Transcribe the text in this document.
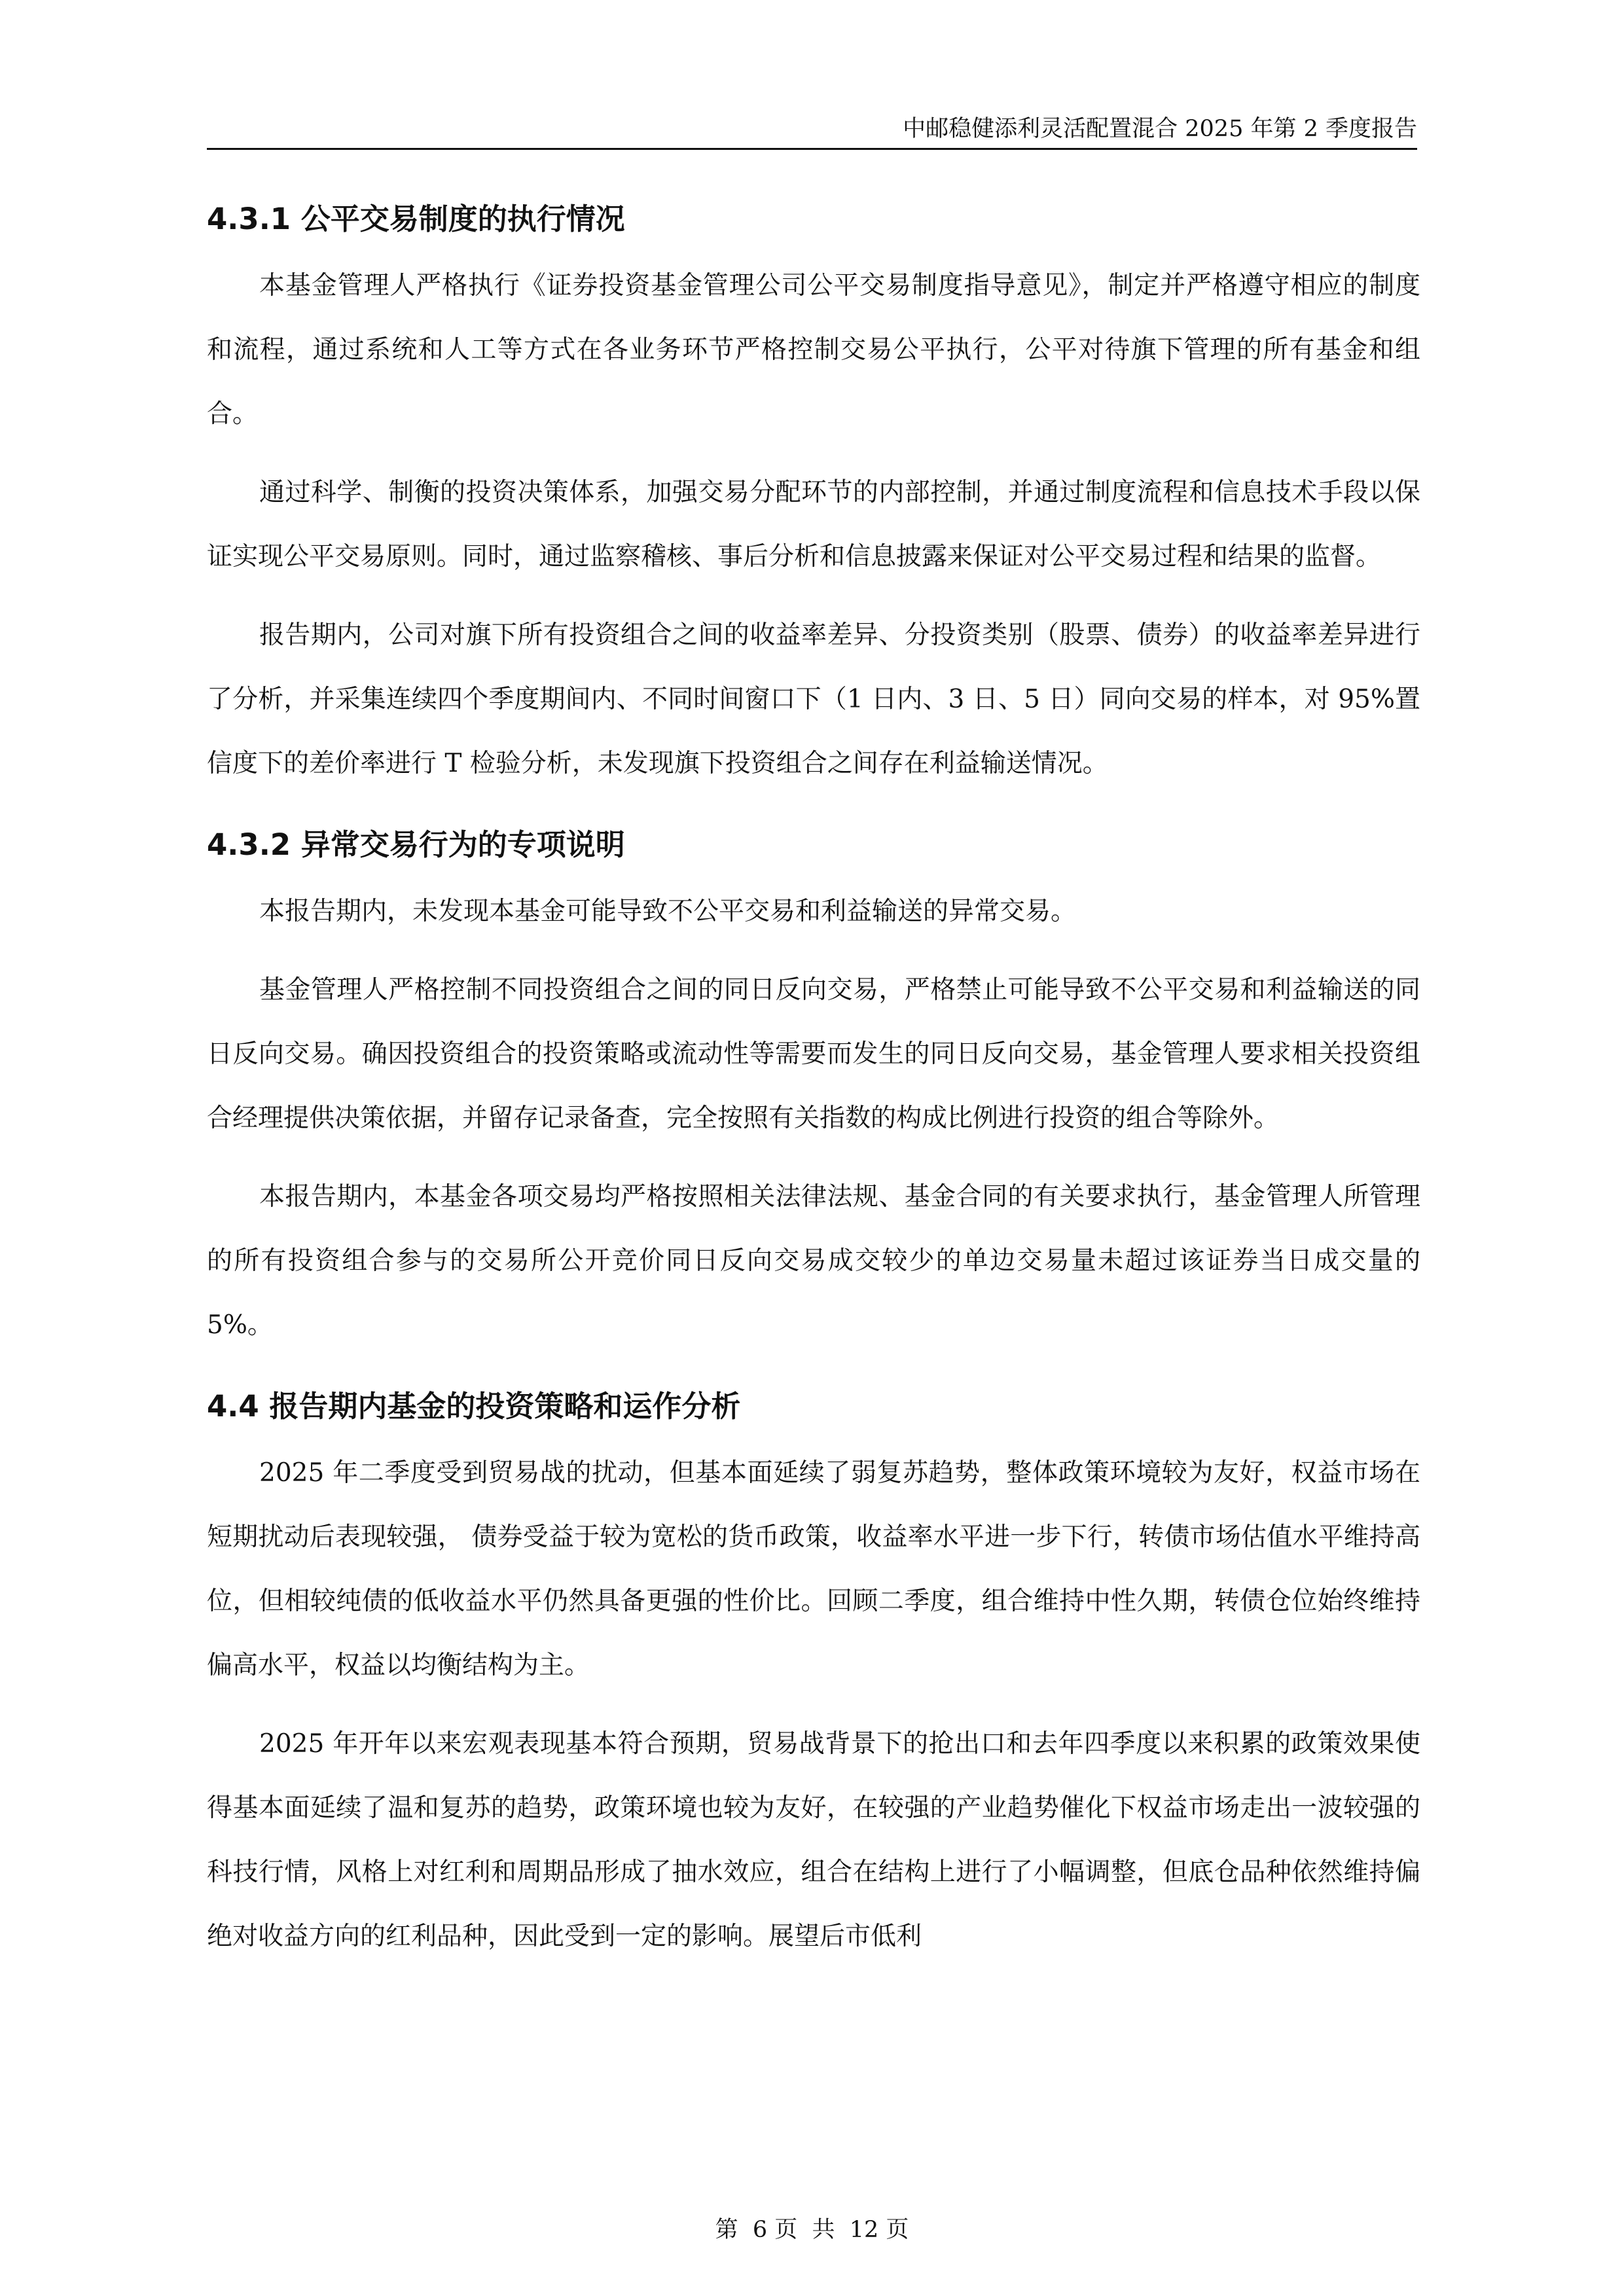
中邮稳健添利灵活配置混合 2025 年第 2 季度报告
4.3.1 公平交易制度的执行情况

本基金管理人严格执行《证券投资基金管理公司公平交易制度指导意见》，制定并严格遵守相应的制度和流程，通过系统和人工等方式在各业务环节严格控制交易公平执行，公平对待旗下管理的所有基金和组合。

通过科学、制衡的投资决策体系，加强交易分配环节的内部控制，并通过制度流程和信息技术手段以保证实现公平交易原则。同时，通过监察稽核、事后分析和信息披露来保证对公平交易过程和结果的监督。

报告期内，公司对旗下所有投资组合之间的收益率差异、分投资类别（股票、债券）的收益率差异进行了分析，并采集连续四个季度期间内、不同时间窗口下（1 日内、3 日、5 日）同向交易的样本，对 95%置信度下的差价率进行 T 检验分析，未发现旗下投资组合之间存在利益输送情况。

4.3.2 异常交易行为的专项说明

本报告期内，未发现本基金可能导致不公平交易和利益输送的异常交易。

基金管理人严格控制不同投资组合之间的同日反向交易，严格禁止可能导致不公平交易和利益输送的同日反向交易。确因投资组合的投资策略或流动性等需要而发生的同日反向交易，基金管理人要求相关投资组合经理提供决策依据，并留存记录备查，完全按照有关指数的构成比例进行投资的组合等除外。

本报告期内，本基金各项交易均严格按照相关法律法规、基金合同的有关要求执行，基金管理人所管理的所有投资组合参与的交易所公开竞价同日反向交易成交较少的单边交易量未超过该证券当日成交量的 5%。

4.4 报告期内基金的投资策略和运作分析

2025 年二季度受到贸易战的扰动，但基本面延续了弱复苏趋势，整体政策环境较为友好，权益市场在短期扰动后表现较强， 债券受益于较为宽松的货币政策，收益率水平进一步下行，转债市场估值水平维持高位，但相较纯债的低收益水平仍然具备更强的性价比。回顾二季度，组合维持中性久期，转债仓位始终维持偏高水平，权益以均衡结构为主。

2025 年开年以来宏观表现基本符合预期，贸易战背景下的抢出口和去年四季度以来积累的政策效果使得基本面延续了温和复苏的趋势，政策环境也较为友好，在较强的产业趋势催化下权益市场走出一波较强的科技行情，风格上对红利和周期品形成了抽水效应，组合在结构上进行了小幅调整，但底仓品种依然维持偏绝对收益方向的红利品种，因此受到一定的影响。展望后市低利

第  6 页  共  12 页
